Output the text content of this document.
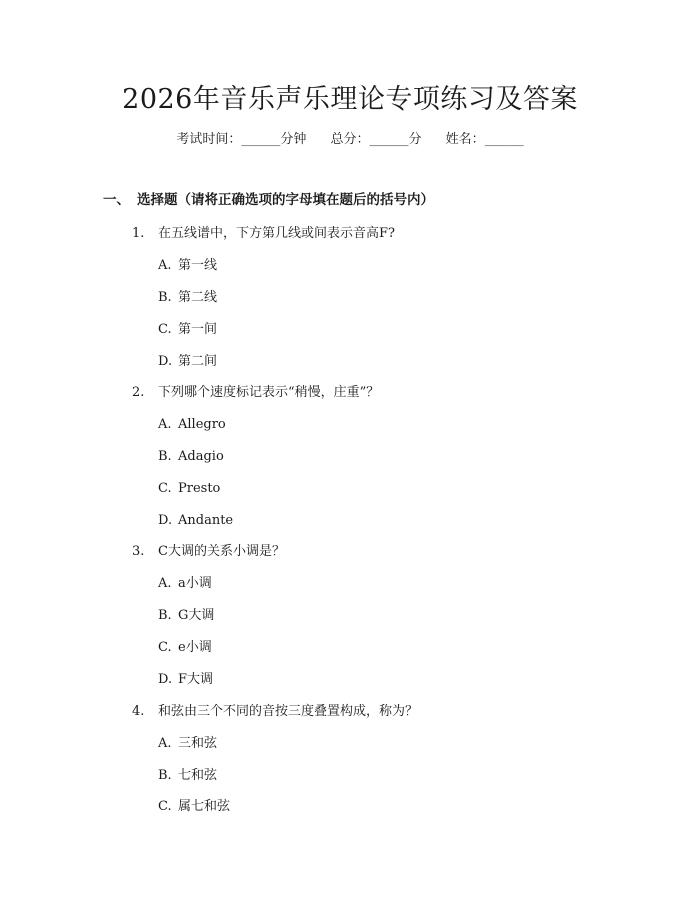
2026年音乐声乐理论专项练习及答案
考试时间：______分钟 总分：______分 姓名：______
一、 选择题（请将正确选项的字母填在题后的括号内）
1. 在五线谱中，下方第几线或间表示音高F?
A. 第一线
B. 第二线
C. 第一间
D. 第二间
2. 下列哪个速度标记表示“稍慢，庄重”？
A. Allegro
B. Adagio
C. Presto
D. Andante
3. C大调的关系小调是？
A. a小调
B. G大调
C. e小调
D. F大调
4. 和弦由三个不同的音按三度叠置构成，称为？
A. 三和弦
B. 七和弦
C. 属七和弦
